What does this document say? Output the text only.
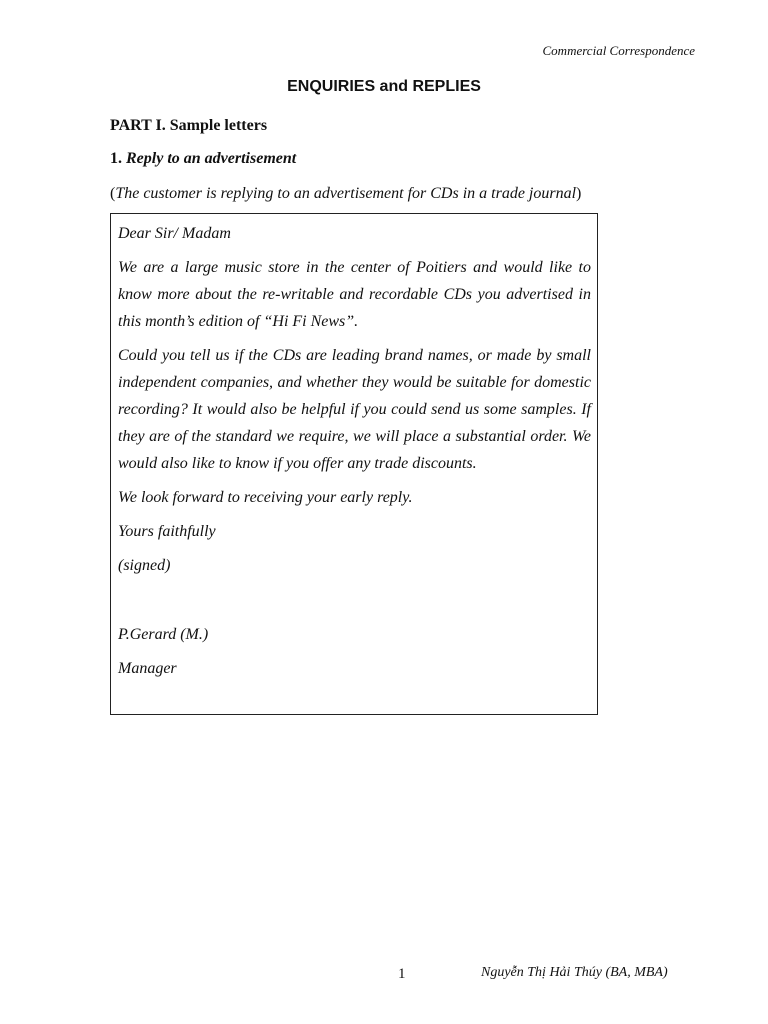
Commercial Correspondence
ENQUIRIES and REPLIES
PART I. Sample letters
1. Reply to an advertisement
(The customer is replying to an advertisement for CDs in a trade journal)

Dear Sir/ Madam

We are a large music store in the center of Poitiers and would like to know more about the re-writable and recordable CDs you advertised in this month’s edition of “Hi Fi News”.

Could you tell us if the CDs are leading brand names, or made by small independent companies, and whether they would be suitable for domestic recording? It would also be helpful if you could send us some samples. If they are of the standard we require, we will place a substantial order. We would also like to know if you offer any trade discounts.

We look forward to receiving your early reply.

Yours faithfully

(signed)

P.Gerard (M.)

Manager

1	Nguyễn Thị Hải Thúy (BA, MBA)
